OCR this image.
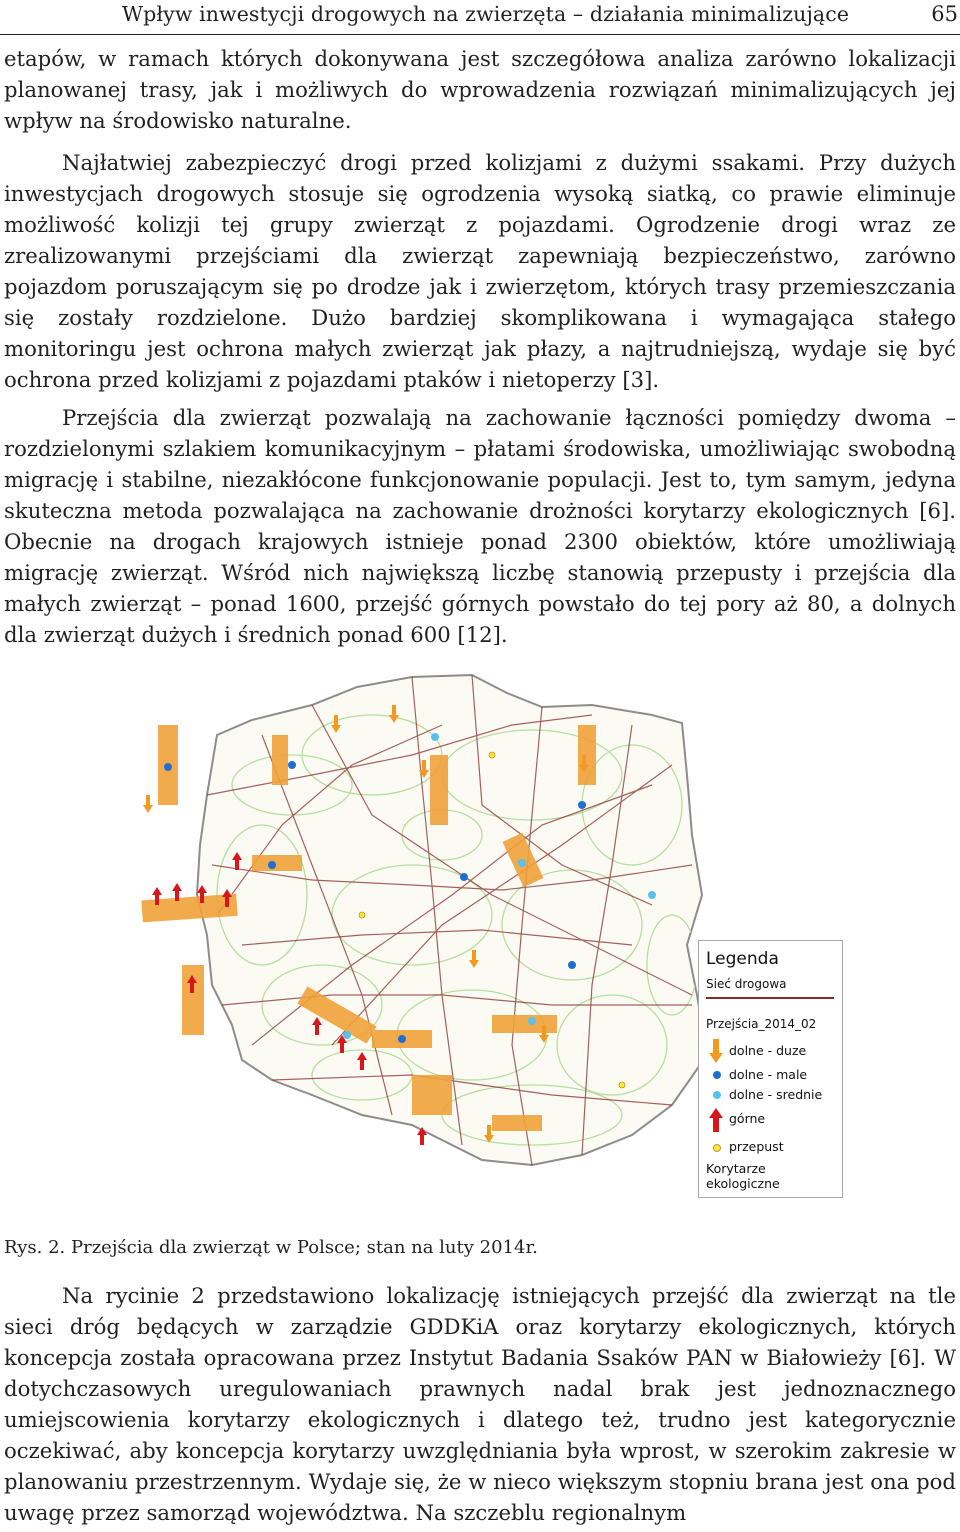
Wpływ inwestycji drogowych na zwierzęta – działania minimalizujące	65

etapów, w ramach których dokonywana jest szczegółowa analiza zarówno lokalizacji planowanej trasy, jak i możliwych do wprowadzenia rozwiązań minimalizujących jej wpływ na środowisko naturalne.

Najłatwiej zabezpieczyć drogi przed kolizjami z dużymi ssakami. Przy dużych inwestycjach drogowych stosuje się ogrodzenia wysoką siatką, co prawie eliminuje możliwość kolizji tej grupy zwierząt z pojazdami. Ogrodzenie drogi wraz ze zrealizowanymi przejściami dla zwierząt zapewniają bezpieczeństwo, zarówno pojazdom poruszającym się po drodze jak i zwierzętom, których trasy przemieszczania się zostały rozdzielone. Dużo bardziej skomplikowana i wymagająca stałego monitoringu jest ochrona małych zwierząt jak płazy, a najtrudniejszą, wydaje się być ochrona przed kolizjami z pojazdami ptaków i nietoperzy [3].

Przejścia dla zwierząt pozwalają na zachowanie łączności pomiędzy dwoma – rozdzielonymi szlakiem komunikacyjnym – płatami środowiska, umożliwiając swobodną migrację i stabilne, niezakłócone funkcjonowanie populacji. Jest to, tym samym, jedyna skuteczna metoda pozwalająca na zachowanie drożności korytarzy ekologicznych [6]. Obecnie na drogach krajowych istnieje ponad 2300 obiektów, które umożliwiają migrację zwierząt. Wśród nich największą liczbę stanowią przepusty i przejścia dla małych zwierząt – ponad 1600, przejść górnych powstało do tej pory aż 80, a dolnych dla zwierząt dużych i średnich ponad 600 [12].

Legenda
Sieć drogowa
Przejścia_2014_02
dolne - duze
dolne - male
dolne - srednie
górne
przepust
Korytarze ekologiczne
Rys. 2. Przejścia dla zwierząt w Polsce; stan na luty 2014r.

Na rycinie 2 przedstawiono lokalizację istniejących przejść dla zwierząt na tle sieci dróg będących w zarządzie GDDKiA oraz korytarzy ekologicznych, których koncepcja została opracowana przez Instytut Badania Ssaków PAN w Białowieży [6]. W dotychczasowych uregulowaniach prawnych nadal brak jest jednoznacznego umiejscowienia korytarzy ekologicznych i dlatego też, trudno jest kategorycznie oczekiwać, aby koncepcja korytarzy uwzględniania była wprost, w szerokim zakresie w planowaniu przestrzennym. Wydaje się, że w nieco większym stopniu brana jest ona pod uwagę przez samorząd województwa. Na szczeblu regionalnym
